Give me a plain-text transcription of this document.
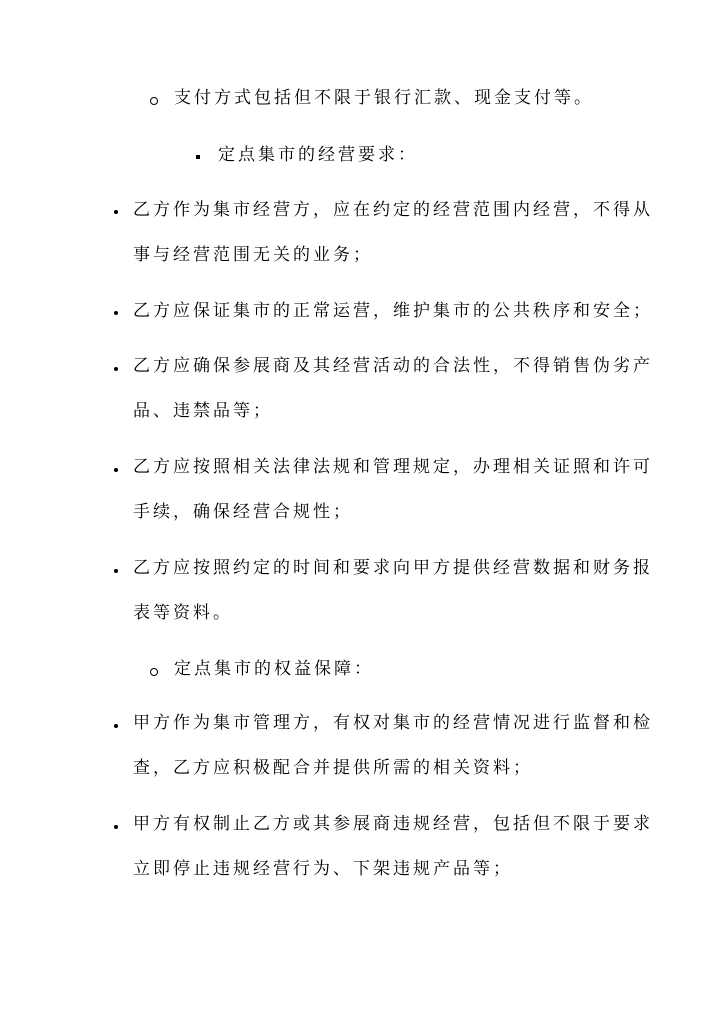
支付方式包括但不限于银行汇款、现金支付等。
定点集市的经营要求：
乙方作为集市经营方，应在约定的经营范围内经营，不得从
事与经营范围无关的业务；
乙方应保证集市的正常运营，维护集市的公共秩序和安全；
乙方应确保参展商及其经营活动的合法性，不得销售伪劣产
品、违禁品等；
乙方应按照相关法律法规和管理规定，办理相关证照和许可
手续，确保经营合规性；
乙方应按照约定的时间和要求向甲方提供经营数据和财务报
表等资料。
定点集市的权益保障：
甲方作为集市管理方，有权对集市的经营情况进行监督和检
查，乙方应积极配合并提供所需的相关资料；
甲方有权制止乙方或其参展商违规经营，包括但不限于要求
立即停止违规经营行为、下架违规产品等；
